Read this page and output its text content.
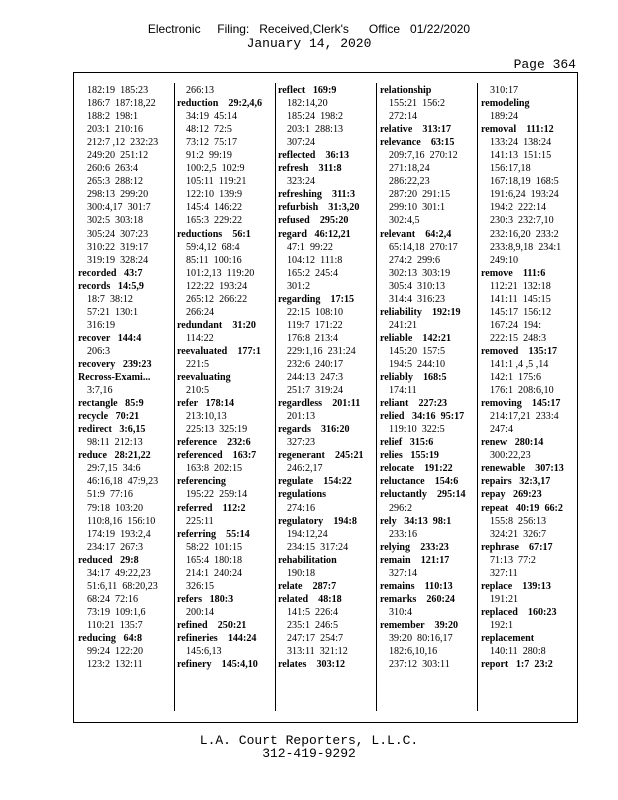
Electronic     Filing:   Received,Clerk's      Office   01/22/2020
January 14, 2020
Page 364
182:19  185:23
186:7  187:18,22
188:2  198:1
203:1  210:16
212:7 ,12  232:23
249:20  251:12
260:6  263:4
265:3  288:12
298:13  299:20
300:4,17  301:7
302:5  303:18
305:24  307:23
310:22  319:17
319:19  328:24
recorded   43:7
records   14:5,9
18:7  38:12
57:21  130:1
316:19
recover   144:4
206:3
recovery   239:23
Recross-Exami...
3:7,16
rectangle   85:9
recycle   70:21
redirect   3:6,15
98:11  212:13
reduce   28:21,22
29:7,15  34:6
46:16,18  47:9,23
51:9  77:16
79:18  103:20
110:8,16  156:10
174:19  193:2,4
234:17  267:3
reduced   29:8
34:17  49:22,23
51:6,11  68:20,23
68:24  72:16
73:19  109:1,6
110:21  135:7
reducing   64:8
99:24  122:20
123:2  132:11
266:13
reduction    29:2,4,6
34:19  45:14
48:12  72:5
73:12  75:17
91:2  99:19
100:2,5  102:9
105:11  119:21
122:10  139:9
145:4  146:22
165:3  229:22
reductions    56:1
59:4,12  68:4
85:11  100:16
101:2,13  119:20
122:22  193:24
265:12  266:22
266:24
redundant    31:20
114:22
reevaluated    177:1
221:5
reevaluating
210:5
refer   178:14
213:10,13
225:13  325:19
reference    232:6
referenced    163:7
163:8  202:15
referencing
195:22  259:14
referred    112:2
225:11
referring    55:14
58:22  101:15
165:4  180:18
214:1  240:24
326:15
refers   180:3
200:14
refined    250:21
refineries    144:24
145:6,13
refinery    145:4,10
reflect   169:9
182:14,20
185:24  198:2
203:1  288:13
307:24
reflected    36:13
refresh    311:8
323:24
refreshing    311:3
refurbish    31:3,20
refused    295:20
regard   46:12,21
47:1  99:22
104:12  111:8
165:2  245:4
301:2
regarding    17:15
22:15  108:10
119:7  171:22
176:8  213:4
229:1,16  231:24
232:6  240:17
244:13  247:3
251:7  319:24
regardless    201:11
201:13
regards    316:20
327:23
regenerant    245:21
246:2,17
regulate    154:22
regulations
274:16
regulatory    194:8
194:12,24
234:15  317:24
rehabilitation
190:18
relate    287:7
related    48:18
141:5  226:4
235:1  246:5
247:17  254:7
313:11  321:12
relates    303:12
relationship
155:21  156:2
272:14
relative    313:17
relevance    63:15
209:7,16  270:12
271:18,24
286:22,23
287:20  291:15
299:10  301:1
302:4,5
relevant    64:2,4
65:14,18  270:17
274:2  299:6
302:13  303:19
305:4  310:13
314:4  316:23
reliability    192:19
241:21
reliable    142:21
145:20  157:5
194:5  244:10
reliably    168:5
174:11
reliant    227:23
relied   34:16  95:17
119:10  322:5
relief   315:6
relies   155:19
relocate    191:22
reluctance    154:6
reluctantly    295:14
296:2
rely   34:13  98:1
233:16
relying    233:23
remain    121:17
327:14
remains    110:13
remarks    260:24
310:4
remember    39:20
39:20  80:16,17
182:6,10,16
237:12  303:11
310:17
remodeling
189:24
removal    111:12
133:24  138:24
141:13  151:15
156:17,18
167:18,19  168:5
191:6,24  193:24
194:2  222:14
230:3  232:7,10
232:16,20  233:2
233:8,9,18  234:1
249:10
remove    111:6
112:21  132:18
141:11  145:15
145:17  156:12
167:24  194:
222:15  248:3
removed    135:17
141:1 ,4 ,5 ,14
142:1  175:6
176:1  208:6,10
removing    145:17
214:17,21  233:4
247:4
renew   280:14
300:22,23
renewable    307:13
repairs   32:3,17
repay   269:23
repeat   40:19  66:2
155:8  256:13
324:21  326:7
rephrase    67:17
71:13  77:2
327:11
replace    139:13
191:21
replaced    160:23
192:1
replacement
140:11  280:8
report   1:7  23:2
L.A. Court Reporters, L.L.C.
312-419-9292
